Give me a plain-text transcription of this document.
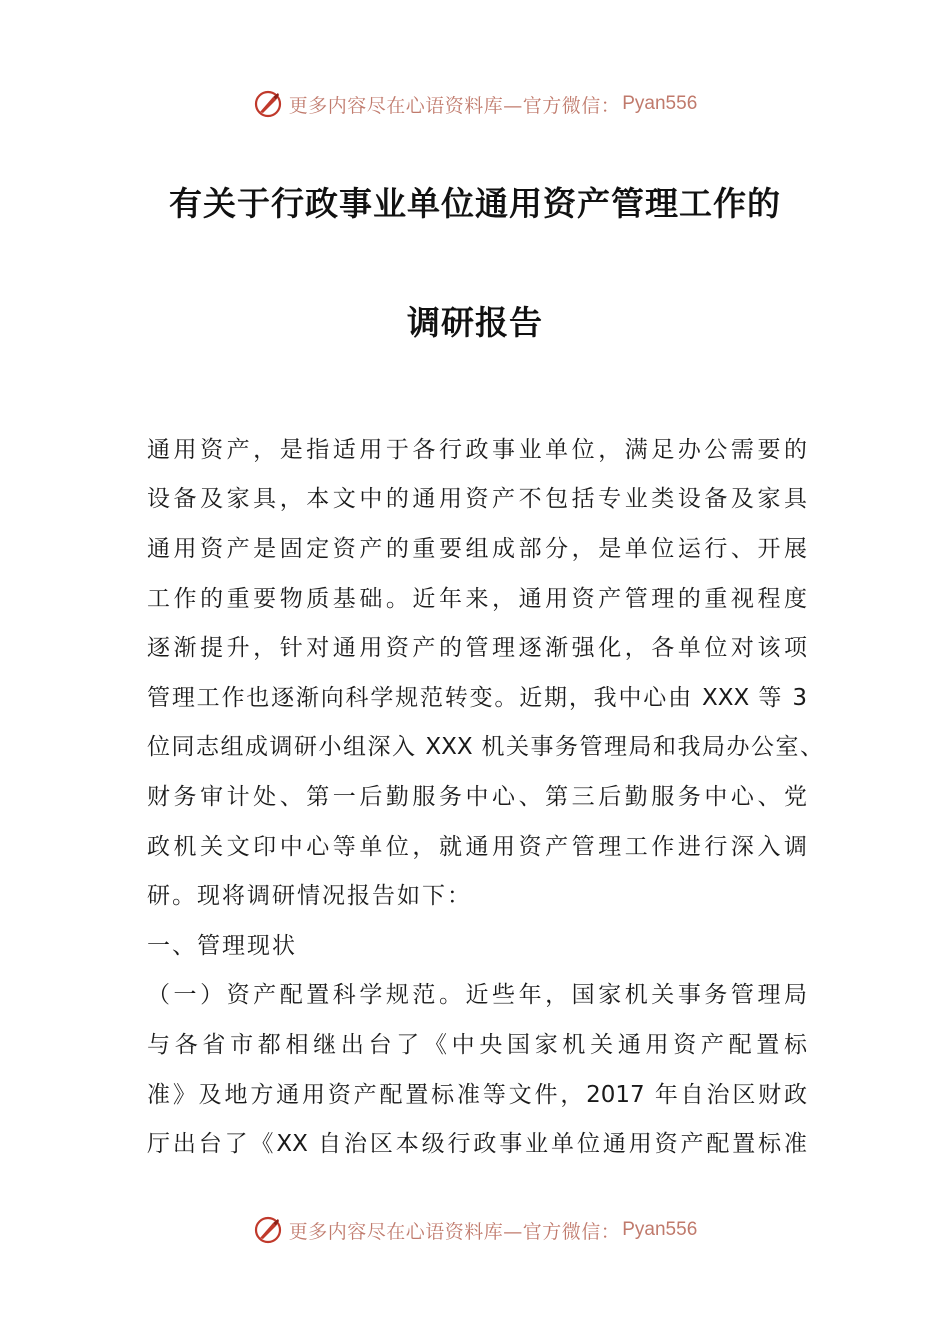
更多内容尽在心语资料库—官方微信： Pyan556
有关于行政事业单位通用资产管理工作的
调研报告
通用资产，是指适用于各行政事业单位，满足办公需要的
设备及家具，本文中的通用资产不包括专业类设备及家具
通用资产是固定资产的重要组成部分，是单位运行、开展
工作的重要物质基础。近年来，通用资产管理的重视程度
逐渐提升，针对通用资产的管理逐渐强化，各单位对该项
管理工作也逐渐向科学规范转变。近期，我中心由 XXX 等 3
位同志组成调研小组深入 XXX 机关事务管理局和我局办公室、
财务审计处、第一后勤服务中心、第三后勤服务中心、党
政机关文印中心等单位，就通用资产管理工作进行深入调
研。现将调研情况报告如下：
一、管理现状
（一）资产配置科学规范。近些年，国家机关事务管理局
与各省市都相继出台了《中央国家机关通用资产配置标
准》及地方通用资产配置标准等文件，2017 年自治区财政
厅出台了《XX 自治区本级行政事业单位通用资产配置标准
更多内容尽在心语资料库—官方微信： Pyan556
